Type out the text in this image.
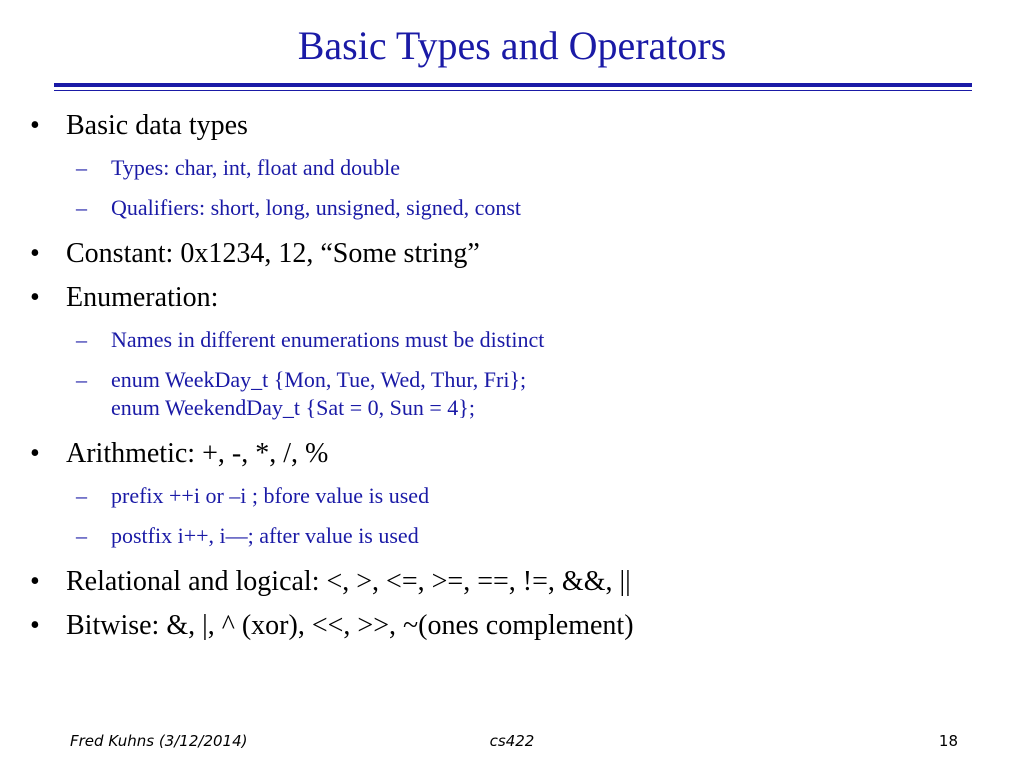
Basic Types and Operators
• Basic data types
– Types: char, int, float and double
– Qualifiers: short, long, unsigned, signed, const
• Constant: 0x1234, 12, “Some string”
• Enumeration:
– Names in different enumerations must be distinct
– enum WeekDay_t {Mon, Tue, Wed, Thur, Fri};
enum WeekendDay_t {Sat = 0, Sun = 4};
• Arithmetic: +, -, *, /, %
– prefix ++i or –i ; bfore value is used
– postfix i++, i—; after value is used
• Relational and logical: <, >, <=, >=, ==, !=, &&, ||
• Bitwise: &, |, ^ (xor), <<, >>, ~(ones complement)
Fred Kuhns (3/12/2014)	cs422	18
